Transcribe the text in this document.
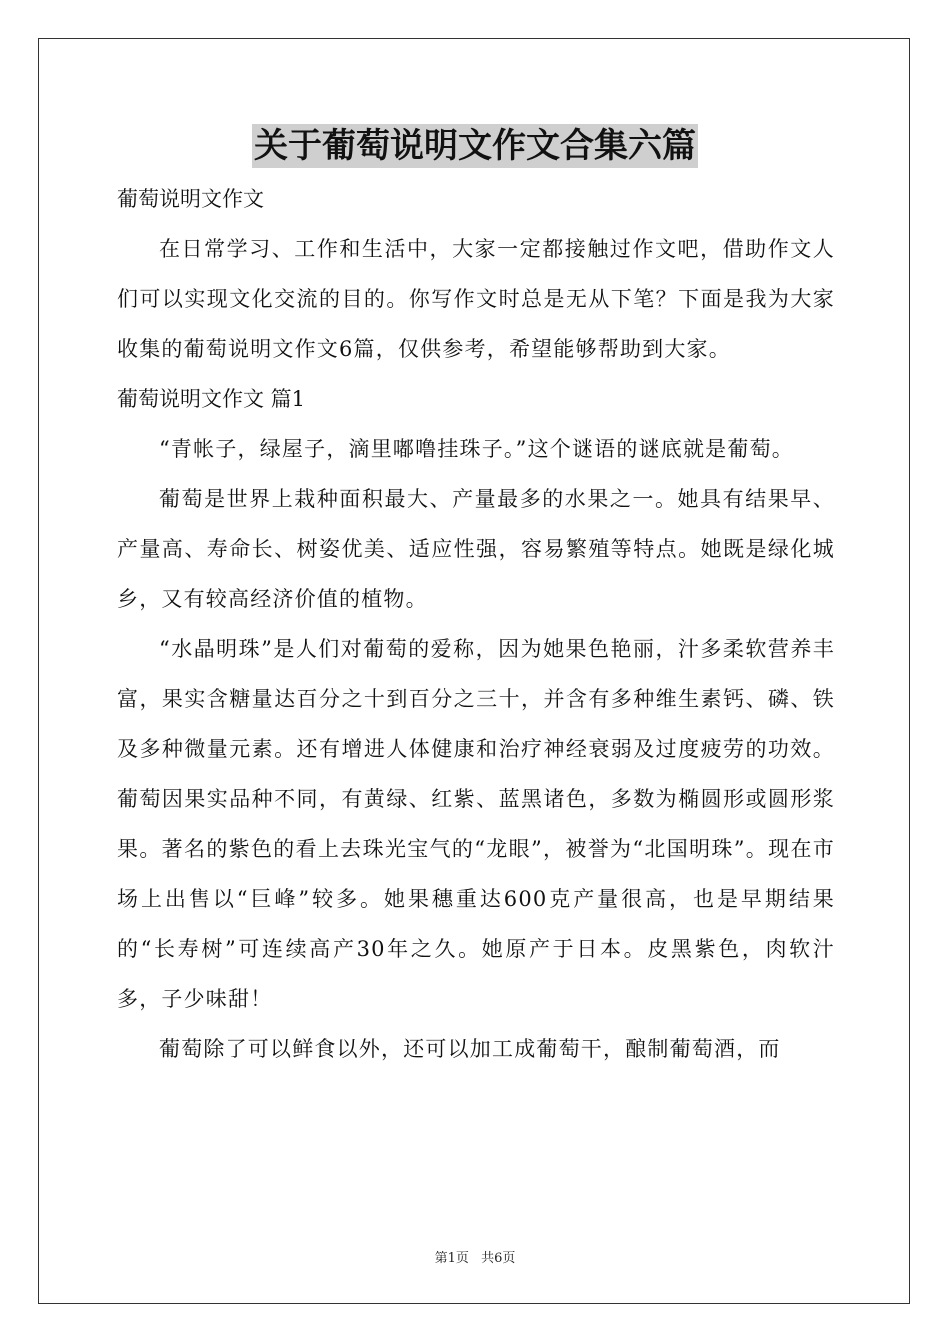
关于葡萄说明文作文合集六篇

葡萄说明文作文

在日常学习、工作和生活中，大家一定都接触过作文吧，借助作文人们可以实现文化交流的目的。你写作文时总是无从下笔？下面是我为大家收集的葡萄说明文作文6篇，仅供参考，希望能够帮助到大家。

葡萄说明文作文 篇1

“青帐子，绿屋子，滴里嘟噜挂珠子。”这个谜语的谜底就是葡萄。

葡萄是世界上栽种面积最大、产量最多的水果之一。她具有结果早、产量高、寿命长、树姿优美、适应性强，容易繁殖等特点。她既是绿化城乡，又有较高经济价值的植物。

“水晶明珠”是人们对葡萄的爱称，因为她果色艳丽，汁多柔软营养丰富，果实含糖量达百分之十到百分之三十，并含有多种维生素钙、磷、铁及多种微量元素。还有增进人体健康和治疗神经衰弱及过度疲劳的功效。葡萄因果实品种不同，有黄绿、红紫、蓝黑诸色，多数为椭圆形或圆形浆果。著名的紫色的看上去珠光宝气的“龙眼”，被誉为“北国明珠”。现在市场上出售以“巨峰”较多。她果穗重达600克产量很高，也是早期结果的“长寿树”可连续高产30年之久。她原产于日本。皮黑紫色，肉软汁多，子少味甜！

葡萄除了可以鲜食以外，还可以加工成葡萄干，酿制葡萄酒，而

第1页 共6页
